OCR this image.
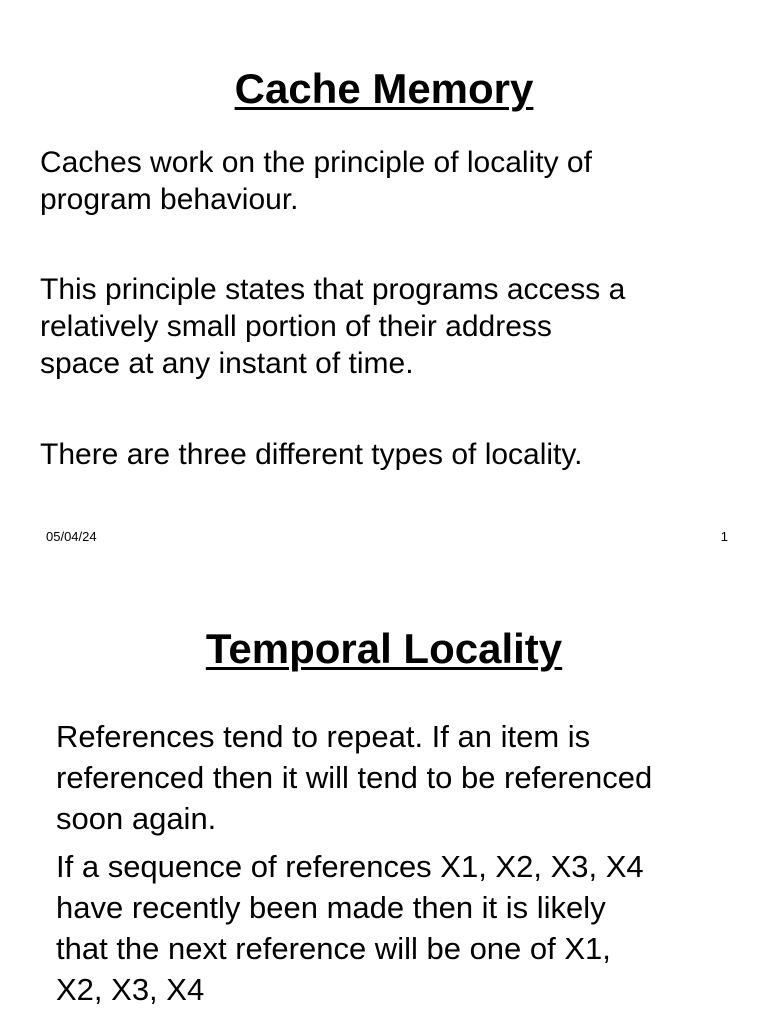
Cache Memory

Caches work on the principle of locality of
program behaviour.

This principle states that programs access a
relatively small portion of their address
space at any instant of time.

There are three different types of locality.

05/04/24	1
Temporal Locality

References tend to repeat. If an item is
referenced then it will tend to be referenced
soon again.

If a sequence of references X1, X2, X3, X4
have recently been made then it is likely
that the next reference will be one of X1,
X2, X3, X4
